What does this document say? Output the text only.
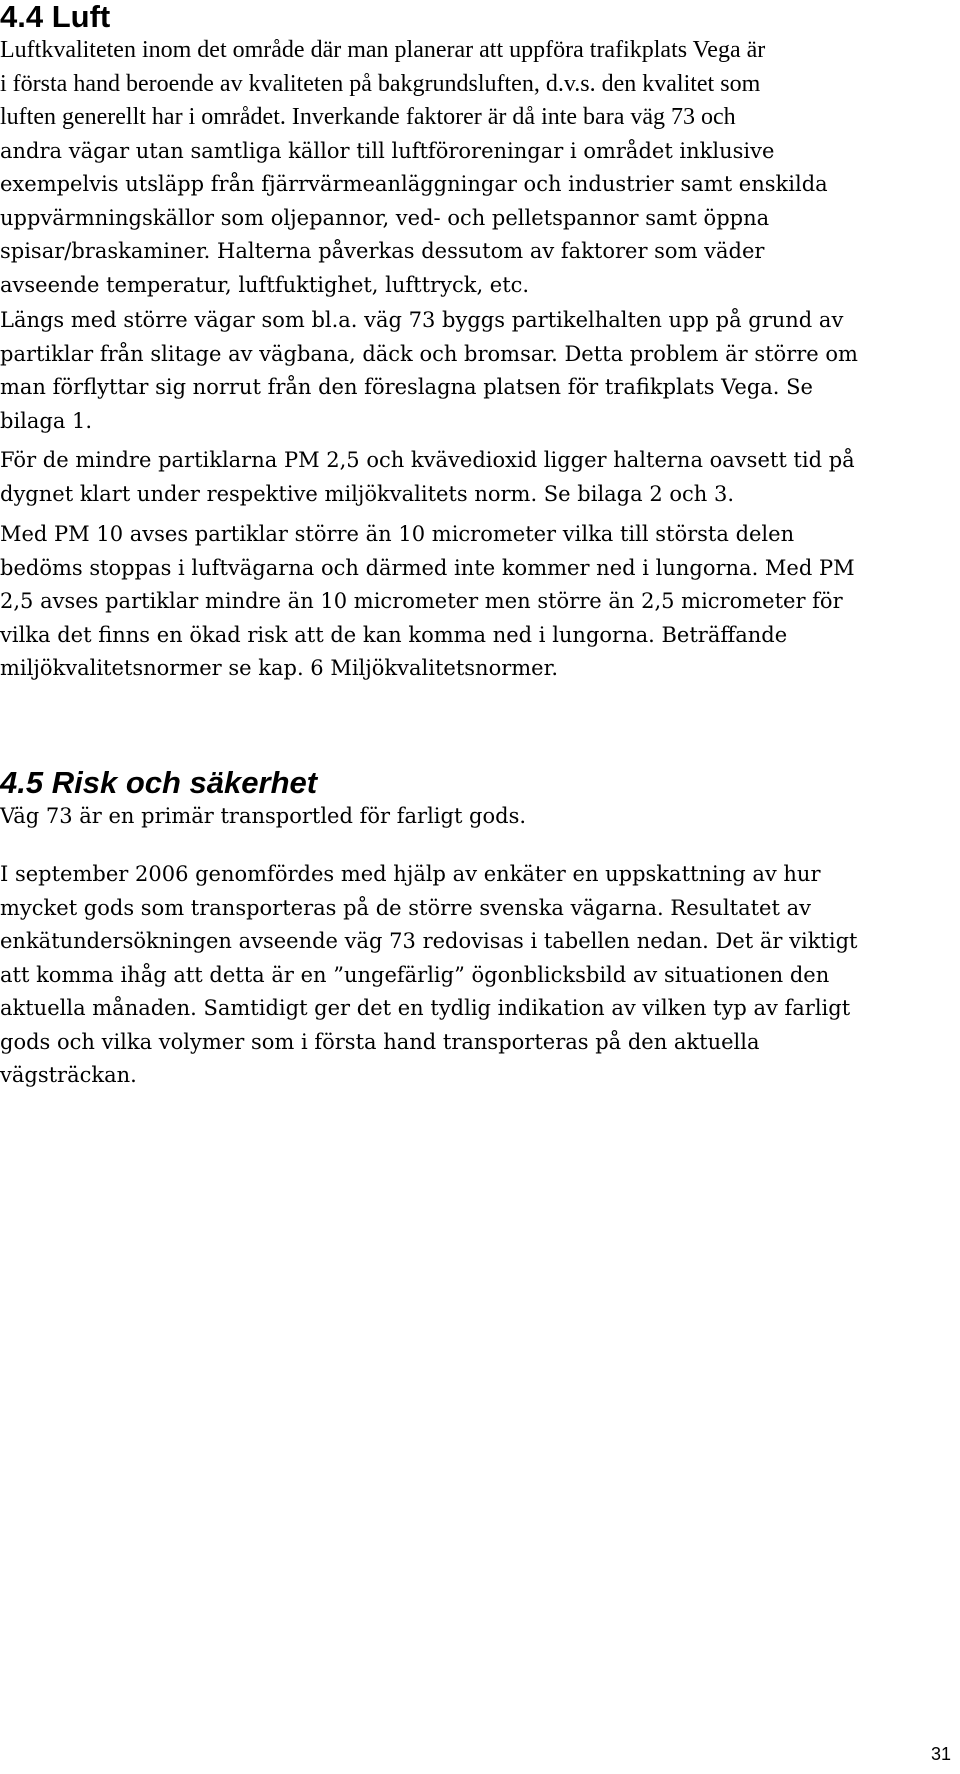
4.4 Luft

Luftkvaliteten inom det område där man planerar att uppföra trafikplats Vega är
i första hand beroende av kvaliteten på bakgrundsluften, d.v.s. den kvalitet som
luften generellt har i området. Inverkande faktorer är då inte bara väg 73 och
andra vägar utan samtliga källor till luftföroreningar i området inklusive
exempelvis utsläpp från fjärrvärmeanläggningar och industrier samt enskilda
uppvärmningskällor som oljepannor, ved- och pelletspannor samt öppna
spisar/braskaminer. Halterna påverkas dessutom av faktorer som väder
avseende temperatur, luftfuktighet, lufttryck, etc.

Längs med större vägar som bl.a. väg 73 byggs partikelhalten upp på grund av
partiklar från slitage av vägbana, däck och bromsar. Detta problem är större om
man förflyttar sig norrut från den föreslagna platsen för trafikplats Vega. Se
bilaga 1.

För de mindre partiklarna PM 2,5 och kvävedioxid ligger halterna oavsett tid på
dygnet klart under respektive miljökvalitets norm. Se bilaga 2 och 3.

Med PM 10 avses partiklar större än 10 micrometer vilka till största delen
bedöms stoppas i luftvägarna och därmed inte kommer ned i lungorna. Med PM
2,5 avses partiklar mindre än 10 micrometer men större än 2,5 micrometer för
vilka det finns en ökad risk att de kan komma ned i lungorna. Beträffande
miljökvalitetsnormer se kap. 6 Miljökvalitetsnormer.

4.5 Risk och säkerhet

Väg 73 är en primär transportled för farligt gods.

I september 2006 genomfördes med hjälp av enkäter en uppskattning av hur
mycket gods som transporteras på de större svenska vägarna. Resultatet av
enkätundersökningen avseende väg 73 redovisas i tabellen nedan. Det är viktigt
att komma ihåg att detta är en ”ungefärlig” ögonblicksbild av situationen den
aktuella månaden. Samtidigt ger det en tydlig indikation av vilken typ av farligt
gods och vilka volymer som i första hand transporteras på den aktuella
vägsträckan.

31
